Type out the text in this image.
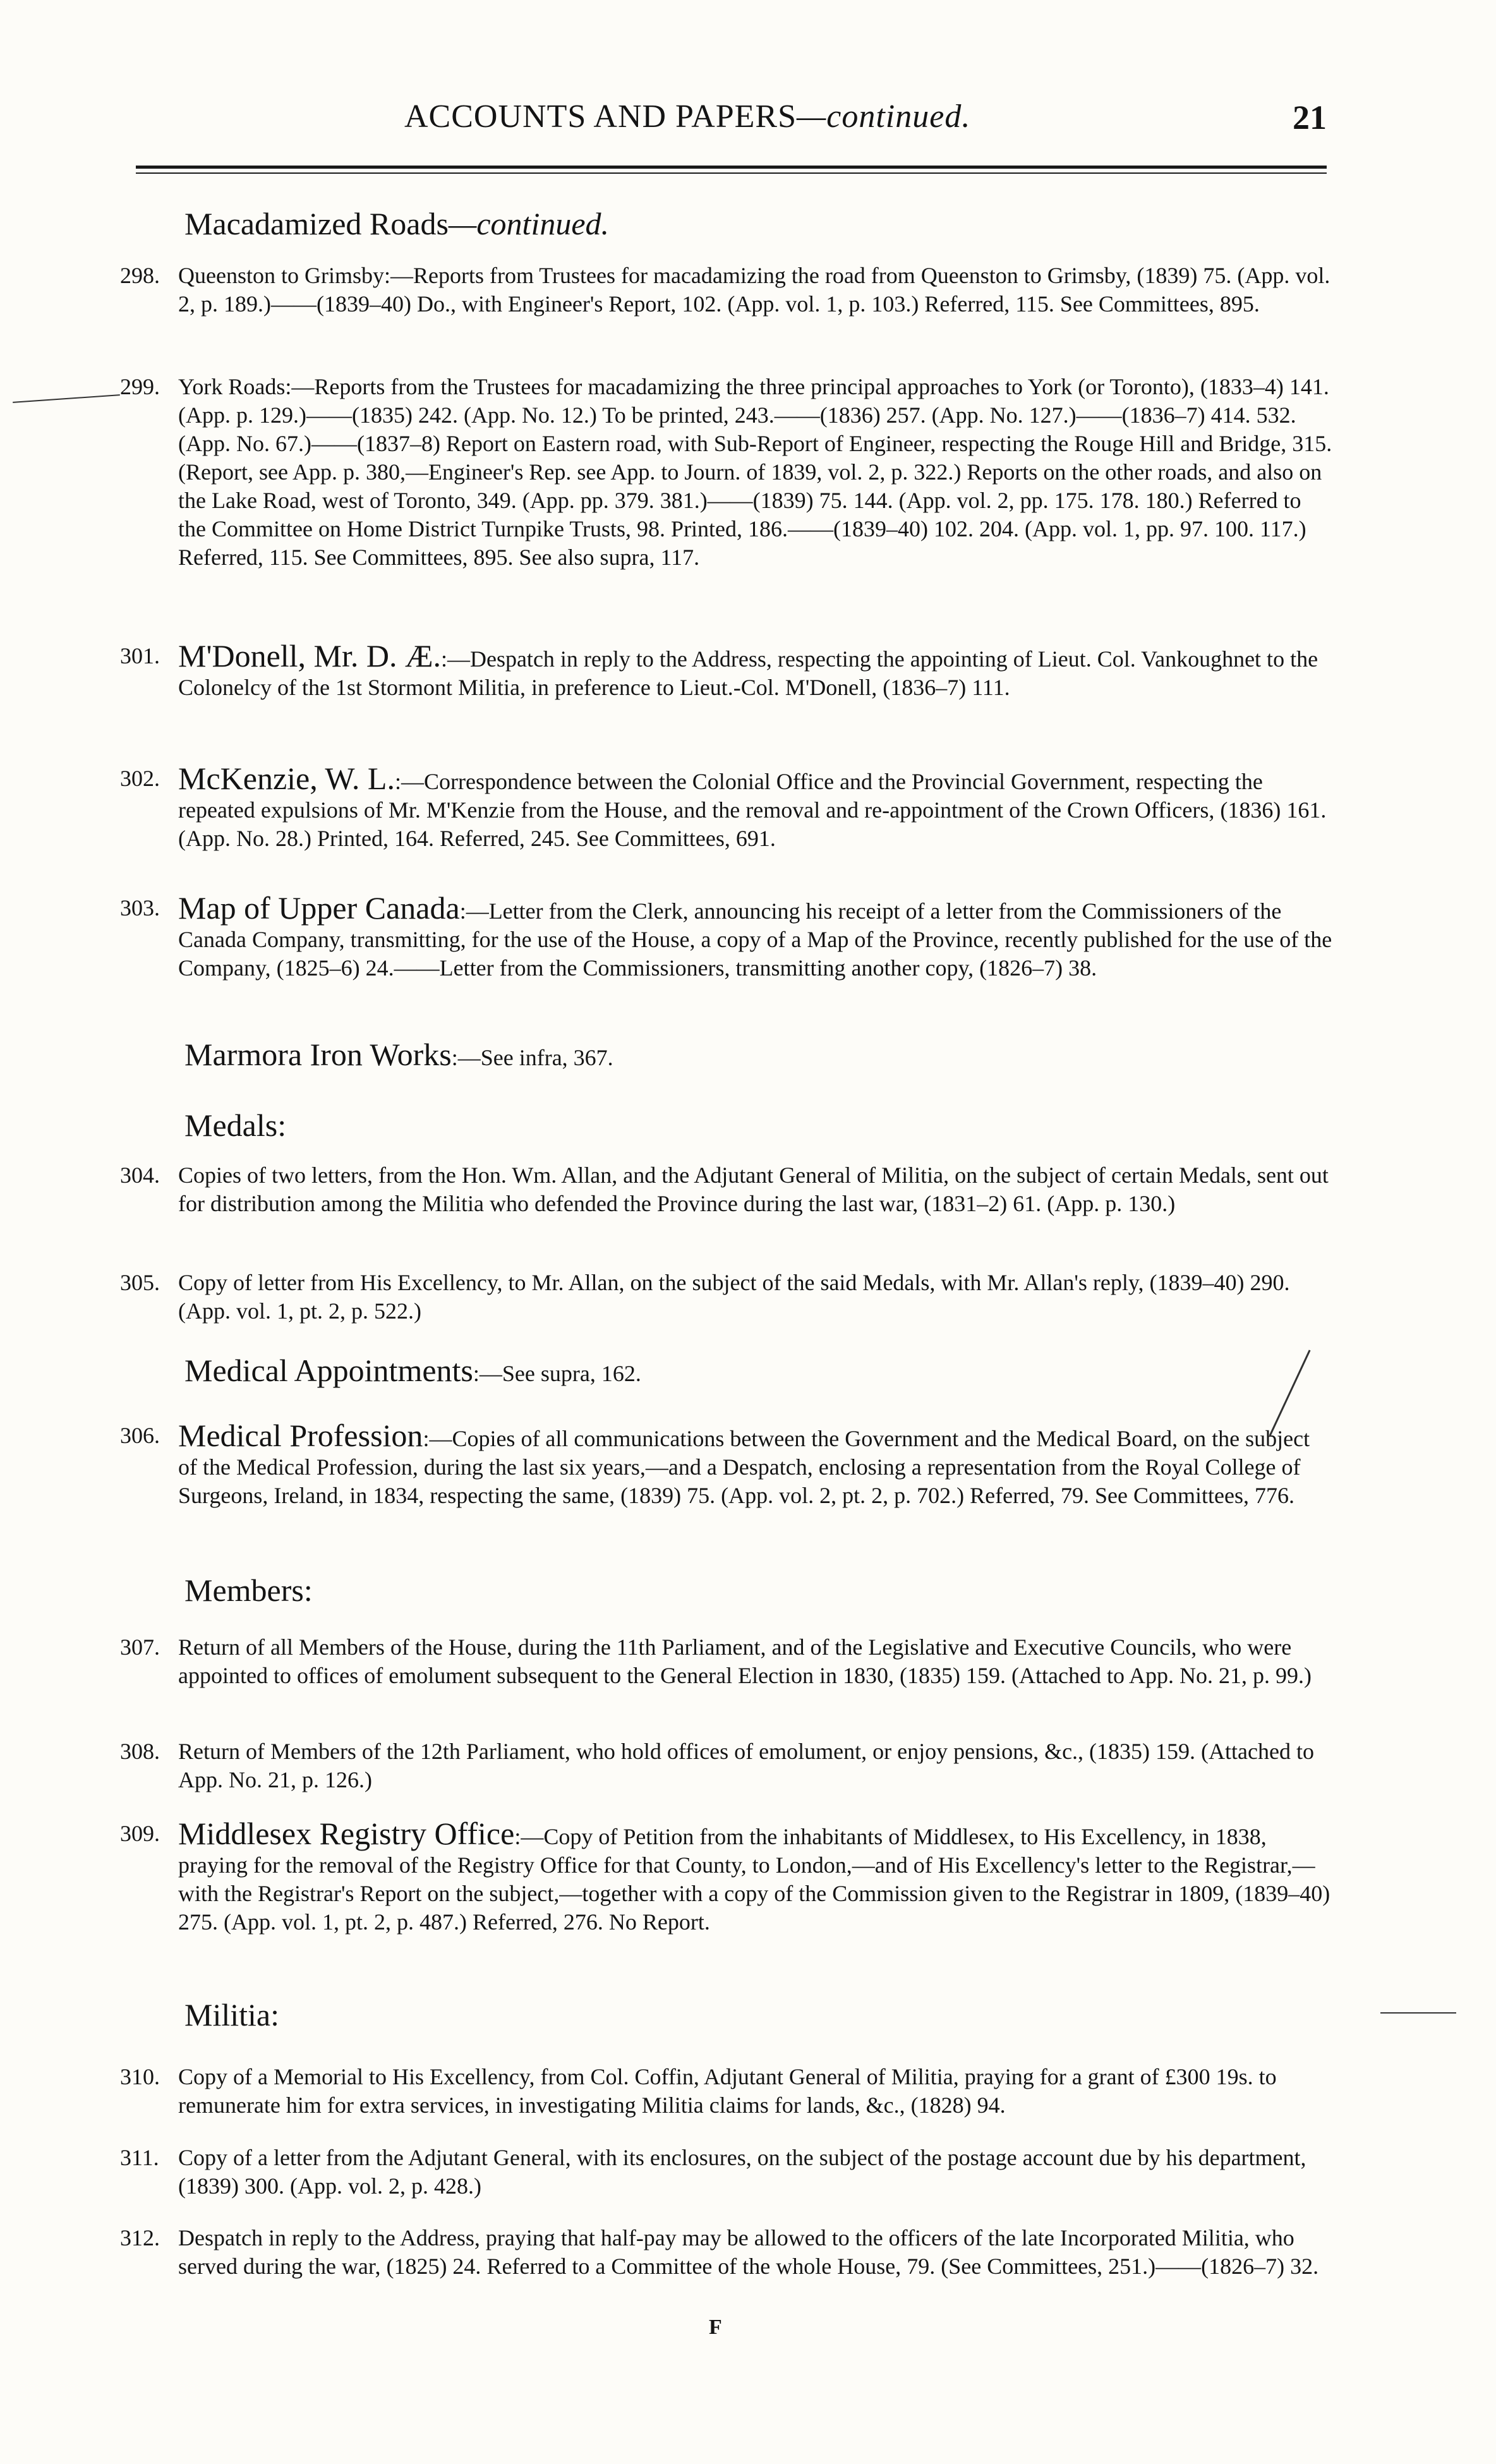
ACCOUNTS AND PAPERS—continued.	21
Macadamized Roads—continued.
298. Queenston to Grimsby:—Reports from Trustees for macadamizing the road from Queenston to Grimsby, (1839) 75. (App. vol. 2, p. 189.)——(1839–40) Do., with Engineer's Report, 102. (App. vol. 1, p. 103.) Referred, 115. See Committees, 895.
299. York Roads:—Reports from the Trustees for macadamizing the three principal approaches to York (or Toronto), (1833–4) 141. (App. p. 129.)——(1835) 242. (App. No. 12.) To be printed, 243.——(1836) 257. (App. No. 127.)——(1836–7) 414. 532. (App. No. 67.)——(1837–8) Report on Eastern road, with Sub-Report of Engineer, respecting the Rouge Hill and Bridge, 315. (Report, see App. p. 380,—Engineer's Rep. see App. to Journ. of 1839, vol. 2, p. 322.) Reports on the other roads, and also on the Lake Road, west of Toronto, 349. (App. pp. 379. 381.)——(1839) 75. 144. (App. vol. 2, pp. 175. 178. 180.) Referred to the Committee on Home District Turnpike Trusts, 98. Printed, 186.——(1839–40) 102. 204. (App. vol. 1, pp. 97. 100. 117.) Referred, 115. See Committees, 895. See also supra, 117.
301. M'Donell, Mr. D. Æ.:—Despatch in reply to the Address, respecting the appointing of Lieut. Col. Vankoughnet to the Colonelcy of the 1st Stormont Militia, in preference to Lieut.-Col. M'Donell, (1836–7) 111.
302. McKenzie, W. L.:—Correspondence between the Colonial Office and the Provincial Government, respecting the repeated expulsions of Mr. M'Kenzie from the House, and the removal and re-appointment of the Crown Officers, (1836) 161. (App. No. 28.) Printed, 164. Referred, 245. See Committees, 691.
303. Map of Upper Canada:—Letter from the Clerk, announcing his receipt of a letter from the Commissioners of the Canada Company, transmitting, for the use of the House, a copy of a Map of the Province, recently published for the use of the Company, (1825–6) 24.——Letter from the Commissioners, transmitting another copy, (1826–7) 38.
Marmora Iron Works:—See infra, 367.
Medals:
304. Copies of two letters, from the Hon. Wm. Allan, and the Adjutant General of Militia, on the subject of certain Medals, sent out for distribution among the Militia who defended the Province during the last war, (1831–2) 61. (App. p. 130.)
305. Copy of letter from His Excellency, to Mr. Allan, on the subject of the said Medals, with Mr. Allan's reply, (1839–40) 290. (App. vol. 1, pt. 2, p. 522.)
Medical Appointments:—See supra, 162.
306. Medical Profession:—Copies of all communications between the Government and the Medical Board, on the subject of the Medical Profession, during the last six years,—and a Despatch, enclosing a representation from the Royal College of Surgeons, Ireland, in 1834, respecting the same, (1839) 75. (App. vol. 2, pt. 2, p. 702.) Referred, 79. See Committees, 776.
Members:
307. Return of all Members of the House, during the 11th Parliament, and of the Legislative and Executive Councils, who were appointed to offices of emolument subsequent to the General Election in 1830, (1835) 159. (Attached to App. No. 21, p. 99.)
308. Return of Members of the 12th Parliament, who hold offices of emolument, or enjoy pensions, &c., (1835) 159. (Attached to App. No. 21, p. 126.)
309. Middlesex Registry Office:—Copy of Petition from the inhabitants of Middlesex, to His Excellency, in 1838, praying for the removal of the Registry Office for that County, to London,—and of His Excellency's letter to the Registrar,—with the Registrar's Report on the subject,—together with a copy of the Commission given to the Registrar in 1809, (1839–40) 275. (App. vol. 1, pt. 2, p. 487.) Referred, 276. No Report.
Militia:
310. Copy of a Memorial to His Excellency, from Col. Coffin, Adjutant General of Militia, praying for a grant of £300 19s. to remunerate him for extra services, in investigating Militia claims for lands, &c., (1828) 94.
311. Copy of a letter from the Adjutant General, with its enclosures, on the subject of the postage account due by his department, (1839) 300. (App. vol. 2, p. 428.)
312. Despatch in reply to the Address, praying that half-pay may be allowed to the officers of the late Incorporated Militia, who served during the war, (1825) 24. Referred to a Committee of the whole House, 79. (See Committees, 251.)——(1826–7) 32.
F
